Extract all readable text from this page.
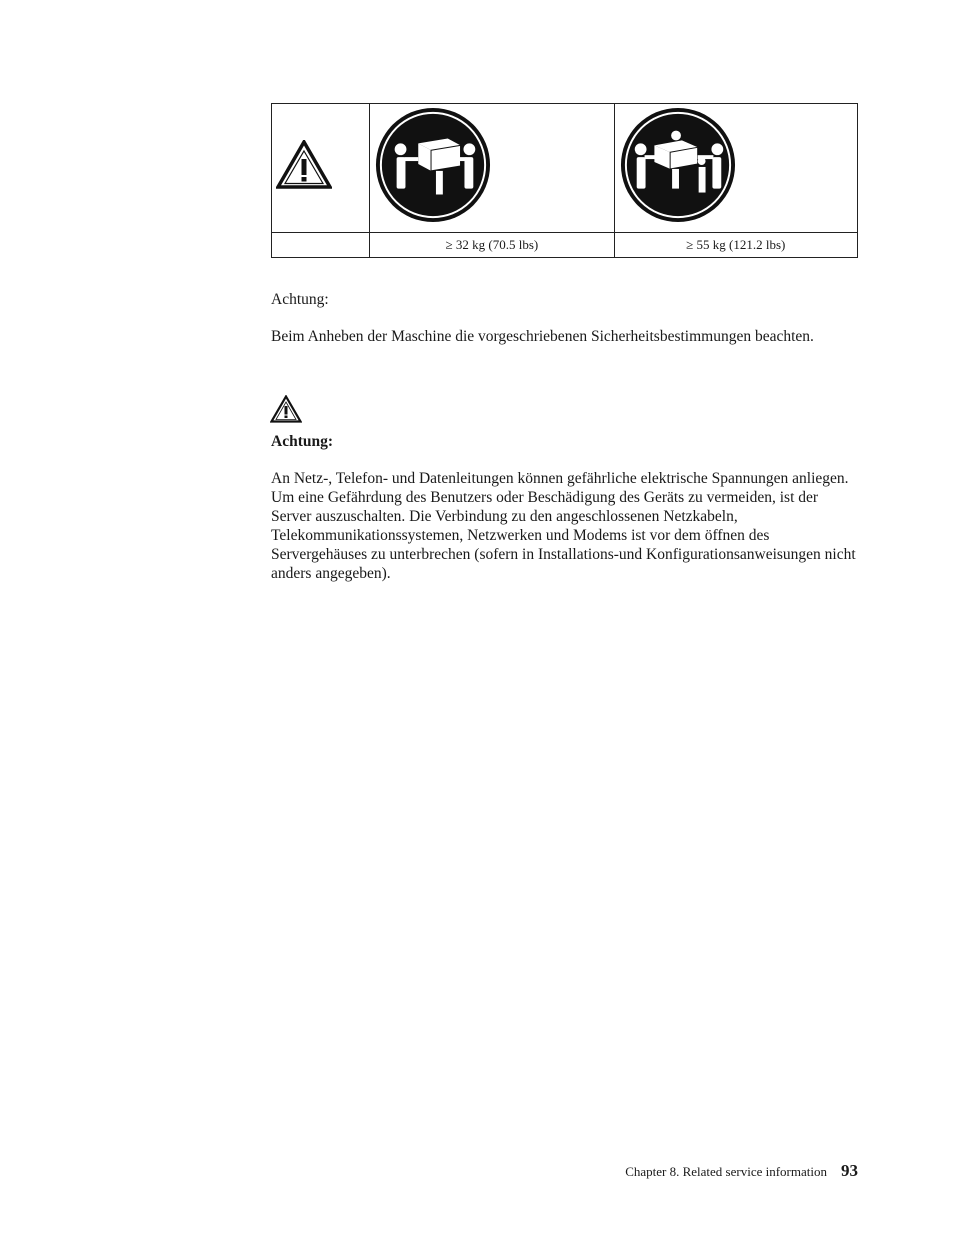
	≥ 32 kg (70.5 lbs)	≥ 55 kg (121.2 lbs)

Achtung:

Beim Anheben der Maschine die vorgeschriebenen Sicherheitsbestimmungen beachten.

Achtung:

An Netz-, Telefon- und Datenleitungen können gefährliche elektrische Spannungen anliegen. Um eine Gefährdung des Benutzers oder Beschädigung des Geräts zu vermeiden, ist der Server auszuschalten. Die Verbindung zu den angeschlossenen Netzkabeln, Telekommunikationssystemen, Netzwerken und Modems ist vor dem öffnen des Servergehäuses zu unterbrechen (sofern in Installations-und Konfigurationsanweisungen nicht anders angegeben).

Chapter 8. Related service information 93
